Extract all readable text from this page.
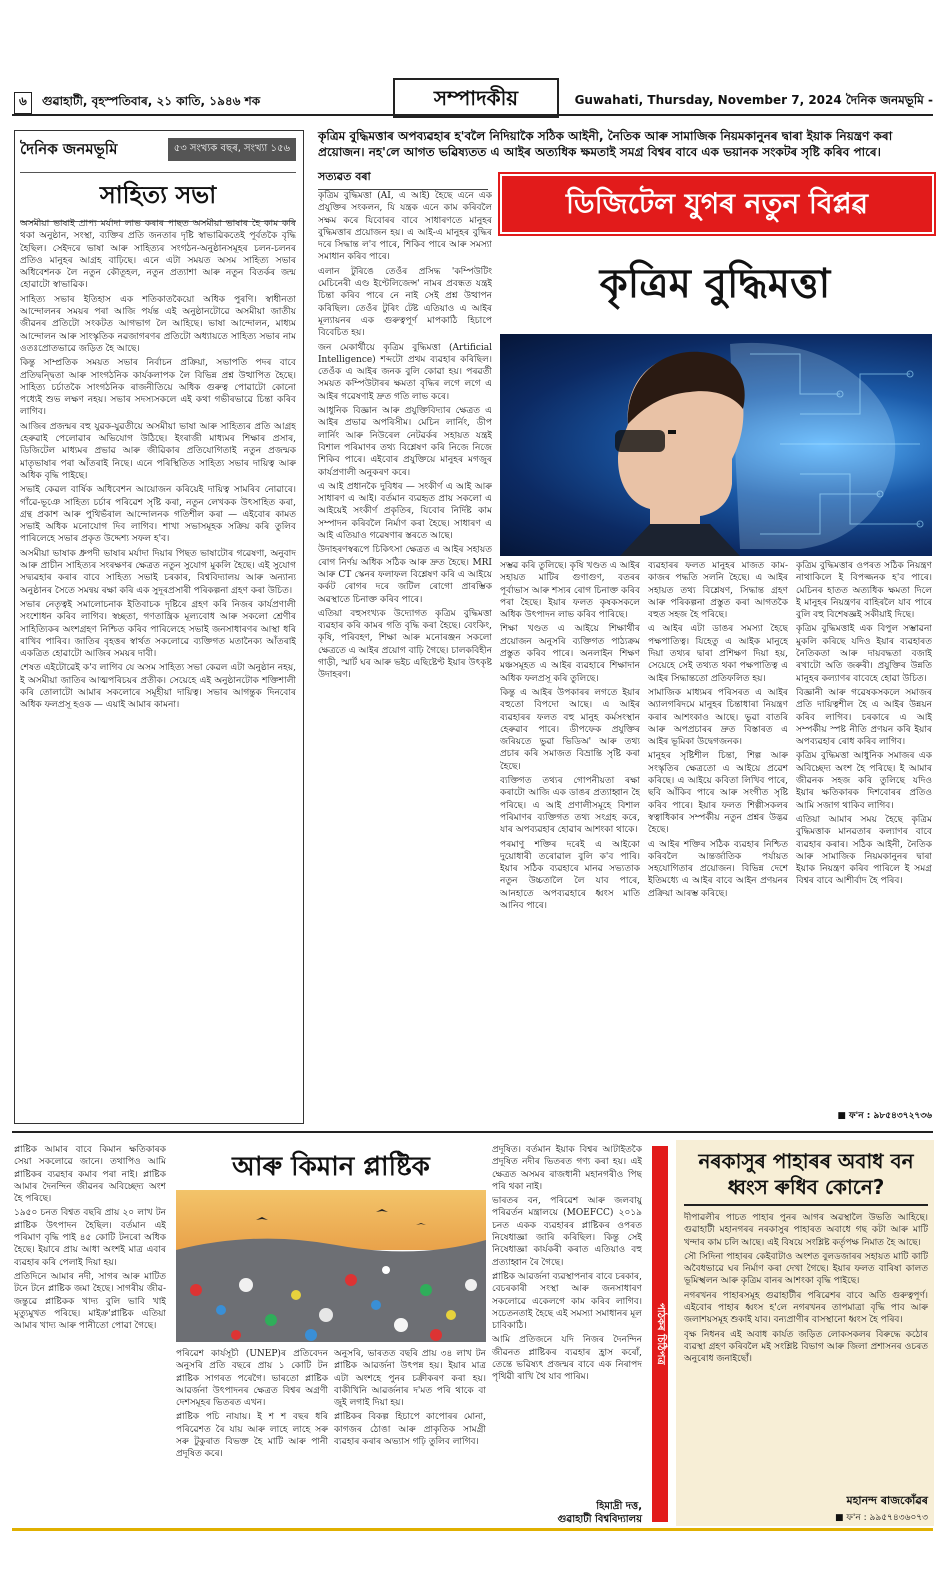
৬ গুৱাহাটী, বৃহস্পতিবাৰ, ২১ কাতি, ১৯৪৬ শক	সম্পাদকীয়	Guwahati, Thursday, November 7, 2024 দৈনিক জনমভূমি -
দৈনিক জনমভূমি	৫৩ সংখ্যক বছৰ, সংখ্যা ১৫৬
সাহিত্য সভা

অসমীয়া ভাষাই প্ৰাপ্য মৰ্যাদা লাভ কৰাৰ পাছত অসমীয়া ভাষাৰ হৈ কাম কৰি থকা অনুষ্ঠান, সংস্থা, ব্যক্তিৰ প্ৰতি জনতাৰ দৃষ্টি স্বাভাৱিকতেই পূৰ্বতকৈ বৃদ্ধি হৈছিল। সেইদৰে ভাষা আৰু সাহিত্যৰ সংগঠন-অনুষ্ঠানসমূহৰ চলন-চলনৰ প্ৰতিও মানুহৰ আগ্ৰহ বাঢ়িছে। এনে এটা সময়ত অসম সাহিত্য সভাৰ অধিবেশনক লৈ নতুন কৌতূহল, নতুন প্ৰত্যাশা আৰু নতুন বিতৰ্কৰ জন্ম হোৱাটো স্বাভাৱিক।

সাহিত্য সভাৰ ইতিহাস এক শতিকাতকৈয়ো অধিক পুৰণি। স্বাধীনতা আন্দোলনৰ সময়ৰ পৰা আজি পৰ্যন্ত এই অনুষ্ঠানটোৱে অসমীয়া জাতীয় জীৱনৰ প্ৰতিটো সংকটত আগভাগ লৈ আহিছে। ভাষা আন্দোলন, মাধ্যম আন্দোলন আৰু সাংস্কৃতিক নৱজাগৰণৰ প্ৰতিটো অধ্যায়তে সাহিত্য সভাৰ নাম ওতঃপ্ৰোতভাৱে জড়িত হৈ আছে।

কিন্তু সাম্প্ৰতিক সময়ত সভাৰ নিৰ্বাচন প্ৰক্ৰিয়া, সভাপতি পদৰ বাবে প্ৰতিদ্বন্দ্বিতা আৰু সাংগঠনিক কাৰ্যকলাপক লৈ বিভিন্ন প্ৰশ্ন উত্থাপিত হৈছে। সাহিত্য চৰ্চাতকৈ সাংগঠনিক ৰাজনীতিয়ে অধিক গুৰুত্ব পোৱাটো কোনো পধ্যেই শুভ লক্ষণ নহয়। সভাৰ সদস্যসকলে এই কথা গভীৰভাৱে চিন্তা কৰিব লাগিব।

আজিৰ প্ৰজন্মৰ বহু যুৱক-যুৱতীয়ে অসমীয়া ভাষা আৰু সাহিত্যৰ প্ৰতি আগ্ৰহ হেৰুৱাই পেলোৱাৰ অভিযোগ উঠিছে। ইংৰাজী মাধ্যমৰ শিক্ষাৰ প্ৰসাৰ, ডিজিটেল মাধ্যমৰ প্ৰভাৱ আৰু জীৱিকাৰ প্ৰতিযোগিতাই নতুন প্ৰজন্মক মাতৃভাষাৰ পৰা আঁতৰাই নিছে। এনে পৰিস্থিতিত সাহিত্য সভাৰ দায়িত্ব আৰু অধিক বৃদ্ধি পাইছে।

সভাই কেৱল বাৰ্ষিক অধিবেশন আয়োজন কৰিয়েই দায়িত্ব সামৰিব নোৱাৰে। গাঁৱে-ভূঞে সাহিত্য চৰ্চাৰ পৰিৱেশ সৃষ্টি কৰা, নতুন লেখকক উৎসাহিত কৰা, গ্ৰন্থ প্ৰকাশ আৰু পুথিভঁৰাল আন্দোলনক গতিশীল কৰা — এইবোৰ কামত সভাই অধিক মনোযোগ দিব লাগিব। শাখা সভাসমূহক সক্ৰিয় কৰি তুলিব পাৰিলেহে সভাৰ প্ৰকৃত উদ্দেশ্য সফল হ'ব।

অসমীয়া ভাষাক ধ্ৰুপদী ভাষাৰ মৰ্যাদা দিয়াৰ পিছত ভাষাটোৰ গৱেষণা, অনুবাদ আৰু প্ৰাচীন সাহিত্যৰ সংৰক্ষণৰ ক্ষেত্ৰত নতুন সুযোগ মুকলি হৈছে। এই সুযোগ সদ্ব্যৱহাৰ কৰাৰ বাবে সাহিত্য সভাই চৰকাৰ, বিশ্ববিদ্যালয় আৰু অন্যান্য অনুষ্ঠানৰ সৈতে সমন্বয় ৰক্ষা কৰি এক সুদূৰপ্ৰসাৰী পৰিকল্পনা গ্ৰহণ কৰা উচিত।

সভাৰ নেতৃত্বই সমালোচনাক ইতিবাচক দৃষ্টিৰে গ্ৰহণ কৰি নিজৰ কাৰ্যপ্ৰণালী সংশোধন কৰিব লাগিব। স্বচ্ছতা, গণতান্ত্ৰিক মূল্যবোধ আৰু সকলো শ্ৰেণীৰ সাহিত্যিকৰ অংশগ্ৰহণ নিশ্চিত কৰিব পাৰিলেহে সভাই জনসাধাৰণৰ আস্থা ধৰি ৰাখিব পাৰিব। জাতিৰ বৃহত্তৰ স্বাৰ্থত সকলোৱে ব্যক্তিগত মতানৈক্য আঁতৰাই একত্ৰিত হোৱাটো আজিৰ সময়ৰ দাবী।

শেষত এইটোৱেই ক'ব লাগিব যে অসম সাহিত্য সভা কেৱল এটা অনুষ্ঠান নহয়, ই অসমীয়া জাতিৰ আত্মপৰিচয়ৰ প্ৰতীক। সেয়েহে এই অনুষ্ঠানটোক শক্তিশালী কৰি তোলাটো আমাৰ সকলোৰে সমূহীয়া দায়িত্ব। সভাৰ আগন্তুক দিনবোৰ অধিক ফলপ্ৰসূ হওক — এয়াই আমাৰ কামনা।

কৃত্ৰিম বুদ্ধিমত্তাৰ অপব্যৱহাৰ হ'বলৈ নিদিয়াকৈ সঠিক আইনী, নৈতিক আৰু সামাজিক নিয়মকানুনৰ দ্বাৰা ইয়াক নিয়ন্ত্ৰণ কৰা প্ৰয়োজন। নহ'লে আগত ভৱিষ্যতত এ আইৰ অত্যধিক ক্ষমতাই সমগ্ৰ বিশ্বৰ বাবে এক ভয়ানক সংকটৰ সৃষ্টি কৰিব পাৰে।
সত্যৱত বৰা
ডিজিটেল যুগৰ নতুন বিপ্লৱ
কৃত্ৰিম বুদ্ধিমত্তা

কৃত্ৰিম বুদ্ধিমত্তা (AI, এ আই) হৈছে এনে এক প্ৰযুক্তিৰ সংকলন, যি যন্ত্ৰক এনে কাম কৰিবলৈ সক্ষম কৰে যিবোৰৰ বাবে সাধাৰণতে মানুহৰ বুদ্ধিমত্তাৰ প্ৰয়োজন হয়। এ আই-এ মানুহৰ বুদ্ধিৰ দৰে সিদ্ধান্ত ল'ব পাৰে, শিকিব পাৰে আৰু সমস্যা সমাধান কৰিব পাৰে।

এলান টুৰিঙে তেওঁৰ প্ৰসিদ্ধ 'কম্পিউটিং মেচিনেৰী এণ্ড ইণ্টেলিজেন্স' নামৰ প্ৰবন্ধত যন্ত্ৰই চিন্তা কৰিব পাৰে নে নাই সেই প্ৰশ্ন উত্থাপন কৰিছিল। তেওঁৰ টুৰিং টেষ্ট এতিয়াও এ আইৰ মূল্যায়নৰ এক গুৰুত্বপূৰ্ণ মাপকাঠি হিচাপে বিবেচিত হয়।

জন মেকাৰ্থীয়ে কৃত্ৰিম বুদ্ধিমত্তা (Artificial Intelligence) শব্দটো প্ৰথম ব্যৱহাৰ কৰিছিল। তেওঁক এ আইৰ জনক বুলি কোৱা হয়। পৰৱৰ্তী সময়ত কম্পিউটাৰৰ ক্ষমতা বৃদ্ধিৰ লগে লগে এ আইৰ গৱেষণাই দ্ৰুত গতি লাভ কৰে।

আধুনিক বিজ্ঞান আৰু প্ৰযুক্তিবিদ্যাৰ ক্ষেত্ৰত এ আইৰ প্ৰভাৱ অপৰিসীম। মেচিন লাৰ্নিং, ডীপ লাৰ্নিং আৰু নিউৰেল নেটৱৰ্কৰ সহায়ত যন্ত্ৰই বিশাল পৰিমাণৰ তথ্য বিশ্লেষণ কৰি নিজে নিজে শিকিব পাৰে। এইবোৰ প্ৰযুক্তিয়ে মানুহৰ মগজুৰ কাৰ্যপ্ৰণালী অনুকৰণ কৰে।

এ আই প্ৰধানকৈ দুবিধৰ — সংকীৰ্ণ এ আই আৰু সাধাৰণ এ আই। বৰ্তমান ব্যৱহৃত প্ৰায় সকলো এ আইয়েই সংকীৰ্ণ প্ৰকৃতিৰ, যিবোৰ নিৰ্দিষ্ট কাম সম্পাদন কৰিবলৈ নিৰ্মাণ কৰা হৈছে। সাধাৰণ এ আই এতিয়াও গৱেষণাৰ স্তৰতে আছে।

উদাহৰণস্বৰূপে চিকিৎসা ক্ষেত্ৰত এ আইৰ সহায়ত ৰোগ নিৰ্ণয় অধিক সঠিক আৰু দ্ৰুত হৈছে। MRI আৰু CT স্কেনৰ ফলাফল বিশ্লেষণ কৰি এ আইয়ে কৰ্কট ৰোগৰ দৰে জটিল ৰোগো প্ৰাৰম্ভিক অৱস্থাতে চিনাক্ত কৰিব পাৰে।

এতিয়া বহুসংখ্যক উদ্যোগত কৃত্ৰিম বুদ্ধিমত্তা ব্যৱহাৰ কৰি কামৰ গতি বৃদ্ধি কৰা হৈছে। বেংকিং, কৃষি, পৰিবহণ, শিক্ষা আৰু মনোৰঞ্জন সকলো ক্ষেত্ৰতে এ আইৰ প্ৰয়োগ বাঢ়ি গৈছে। চালকবিহীন গাড়ী, স্মাৰ্ট ঘৰ আৰু ভইচ এছিষ্টেণ্ট ইয়াৰ উৎকৃষ্ট উদাহৰণ।

সম্ভৱ কৰি তুলিছে। কৃষি খণ্ডত এ আইৰ সহায়ত মাটিৰ গুণাগুণ, বতৰৰ পূৰ্বাভাস আৰু শস্যৰ ৰোগ চিনাক্ত কৰিব পৰা হৈছে। ইয়াৰ ফলত কৃষকসকলে অধিক উৎপাদন লাভ কৰিব পাৰিছে।

শিক্ষা খণ্ডত এ আইয়ে শিক্ষাৰ্থীৰ প্ৰয়োজন অনুসৰি ব্যক্তিগত পাঠ্যক্ৰম প্ৰস্তুত কৰিব পাৰে। অনলাইন শিক্ষণ মঞ্চসমূহত এ আইৰ ব্যৱহাৰে শিক্ষাদান অধিক ফলপ্ৰসূ কৰি তুলিছে।

কিন্তু এ আইৰ উপকাৰৰ লগতে ইয়াৰ বহুতো বিপদো আছে। এ আইৰ ব্যৱহাৰৰ ফলত বহু মানুহ কৰ্মসংস্থান হেৰুৱাব পাৰে। ডীপফেক প্ৰযুক্তিৰ জৰিয়তে ভুৱা ভিডিঅ' আৰু তথ্য প্ৰচাৰ কৰি সমাজত বিভ্ৰান্তি সৃষ্টি কৰা হৈছে।

ব্যক্তিগত তথ্যৰ গোপনীয়তা ৰক্ষা কৰাটো আজি এক ডাঙৰ প্ৰত্যাহ্বান হৈ পৰিছে। এ আই প্ৰণালীসমূহে বিশাল পৰিমাণৰ ব্যক্তিগত তথ্য সংগ্ৰহ কৰে, যাৰ অপব্যৱহাৰ হোৱাৰ আশংকা থাকে।

পৰমাণু শক্তিৰ দৰেই এ আইকো দুয়োধাৰী তৰোৱাল বুলি ক'ব পাৰি। ইয়াৰ সঠিক ব্যৱহাৰে মানৱ সভ্যতাক নতুন উচ্চতালৈ লৈ যাব পাৰে, আনহাতে অপব্যৱহাৰে ধ্বংস মাতি আনিব পাৰে।

ব্যৱহাৰৰ ফলত মানুহৰ মাজত কাম-কাজৰ পদ্ধতি সলনি হৈছে। এ আইৰ সহায়ত তথ্য বিশ্লেষণ, সিদ্ধান্ত গ্ৰহণ আৰু পৰিকল্পনা প্ৰস্তুত কৰা আগতকৈ বহুত সহজ হৈ পৰিছে।

এ আইৰ এটা ডাঙৰ সমস্যা হৈছে পক্ষপাতিত্ব। যিহেতু এ আইক মানুহে দিয়া তথ্যৰ দ্বাৰা প্ৰশিক্ষণ দিয়া হয়, সেয়েহে সেই তথ্যত থকা পক্ষপাতিত্ব এ আইৰ সিদ্ধান্ততো প্ৰতিফলিত হয়।

সামাজিক মাধ্যমৰ পৰিসৰত এ আইৰ অ্যালগৰিদমে মানুহৰ চিন্তাধাৰা নিয়ন্ত্ৰণ কৰাৰ আশংকাও আছে। ভুৱা বাতৰি আৰু অপপ্ৰচাৰৰ দ্ৰুত বিস্তাৰত এ আইৰ ভূমিকা উদ্বেগজনক।

মানুহৰ সৃষ্টিশীল চিন্তা, শিল্প আৰু সংস্কৃতিৰ ক্ষেত্ৰতো এ আইয়ে প্ৰৱেশ কৰিছে। এ আইয়ে কবিতা লিখিব পাৰে, ছবি আঁকিব পাৰে আৰু সংগীত সৃষ্টি কৰিব পাৰে। ইয়াৰ ফলত শিল্পীসকলৰ স্বত্বাধিকাৰ সম্পৰ্কীয় নতুন প্ৰশ্নৰ উদ্ভৱ হৈছে।

এ আইৰ শক্তিৰ সঠিক ব্যৱহাৰ নিশ্চিত কৰিবলৈ আন্তৰ্জাতিক পৰ্যায়ত সহযোগিতাৰ প্ৰয়োজন। বিভিন্ন দেশে ইতিমধ্যে এ আইৰ বাবে আইন প্ৰণয়নৰ প্ৰক্ৰিয়া আৰম্ভ কৰিছে।

কৃত্ৰিম বুদ্ধিমত্তাৰ ওপৰত সঠিক নিয়ন্ত্ৰণ নাথাকিলে ই বিপজ্জনক হ'ব পাৰে। মেচিনৰ হাতত অত্যধিক ক্ষমতা দিলে ই মানুহৰ নিয়ন্ত্ৰণৰ বাহিৰলৈ যাব পাৰে বুলি বহু বিশেষজ্ঞই সকীয়াই দিছে।

কৃত্ৰিম বুদ্ধিমত্তাই এক বিপুল সম্ভাৱনা মুকলি কৰিছে যদিও ইয়াৰ ব্যৱহাৰত নৈতিকতা আৰু দায়বদ্ধতা বজাই ৰখাটো অতি জৰুৰী। প্ৰযুক্তিৰ উন্নতি মানুহৰ কল্যাণৰ বাবেহে হোৱা উচিত।

বিজ্ঞানী আৰু গৱেষকসকলে সমাজৰ প্ৰতি দায়িত্বশীল হৈ এ আইৰ উন্নয়ন কৰিব লাগিব। চৰকাৰে এ আই সম্পৰ্কীয় স্পষ্ট নীতি প্ৰণয়ন কৰি ইয়াৰ অপব্যৱহাৰ ৰোধ কৰিব লাগিব।

কৃত্ৰিম বুদ্ধিমত্তা আধুনিক সমাজৰ এক অবিচ্ছেদ্য অংশ হৈ পৰিছে। ই আমাৰ জীৱনক সহজ কৰি তুলিছে যদিও ইয়াৰ ক্ষতিকাৰক দিশবোৰৰ প্ৰতিও আমি সজাগ থাকিব লাগিব।

এতিয়া আমাৰ সময় হৈছে কৃত্ৰিম বুদ্ধিমত্তাক মানৱতাৰ কল্যাণৰ বাবে ব্যৱহাৰ কৰাৰ। সঠিক আইনী, নৈতিক আৰু সামাজিক নিয়মকানুনৰ দ্বাৰা ইয়াক নিয়ন্ত্ৰণ কৰিব পাৰিলে ই সমগ্ৰ বিশ্বৰ বাবে আশীৰ্বাদ হৈ পৰিব।

■ ফ'ন : ৯৮৫৪৩৭২৭৩৬

প্লাষ্টিক আমাৰ বাবে কিমান ক্ষতিকাৰক সেয়া সকলোৱে জানে। তথাপিও আমি প্লাষ্টিকৰ ব্যৱহাৰ কমাব পৰা নাই। প্লাষ্টিক আমাৰ দৈনন্দিন জীৱনৰ অবিচ্ছেদ্য অংশ হৈ পৰিছে।

১৯৫০ চনত বিশ্বত বছৰি প্ৰায় ২০ লাখ টন প্লাষ্টিক উৎপাদন হৈছিল। বৰ্তমান এই পৰিমাণ বৃদ্ধি পাই ৪৫ কোটি টনৰো অধিক হৈছে। ইয়াৰে প্ৰায় আধা অংশই মাত্ৰ এবাৰ ব্যৱহাৰ কৰি পেলাই দিয়া হয়।

প্ৰতিদিনে আমাৰ নদী, সাগৰ আৰু মাটিত টনে টনে প্লাষ্টিক জমা হৈছে। সাগৰীয় জীৱ-জন্তুৱে প্লাষ্টিকক খাদ্য বুলি ভাবি খাই মৃত্যুমুখত পৰিছে। মাইক্ৰ'প্লাষ্টিক এতিয়া আমাৰ খাদ্য আৰু পানীতো পোৱা গৈছে।

আৰু কিমান প্লাষ্টিক

পৰিৱেশ কাৰ্যসূচী (UNEP)ৰ প্ৰতিবেদন অনুসৰি প্ৰতি বছৰে প্ৰায় ১ কোটি টন প্লাষ্টিক সাগৰত পৰেগৈ। ভাৰতো প্লাষ্টিক আৱৰ্জনা উৎপাদনৰ ক্ষেত্ৰত বিশ্বৰ অগ্ৰণী দেশসমূহৰ ভিতৰত এখন।

প্লাষ্টিক পচি নাযায়। ই শ শ বছৰ ধৰি পৰিৱেশত ৰৈ যায় আৰু লাহে লাহে সৰু সৰু টুকুৰাত বিভক্ত হৈ মাটি আৰু পানী প্ৰদূষিত কৰে।

অনুসৰি, ভাৰতত বছৰি প্ৰায় ৩৪ লাখ টন প্লাষ্টিক আৱৰ্জনা উৎপন্ন হয়। ইয়াৰ মাত্ৰ এটা অংশহে পুনৰ চক্ৰীকৰণ কৰা হয়। বাকীখিনি আৱৰ্জনাৰ দ'মত পৰি থাকে বা জুই লগাই দিয়া হয়।

প্লাষ্টিকৰ বিকল্প হিচাপে কাপোৰৰ মোনা, কাগজৰ ঠোঙা আৰু প্ৰাকৃতিক সামগ্ৰী ব্যৱহাৰ কৰাৰ অভ্যাস গঢ়ি তুলিব লাগিব।

প্ৰদূষিত। বৰ্তমান ইয়াক বিশ্বৰ আটাইতকৈ প্ৰদূষিত নদীৰ ভিতৰত গণ্য কৰা হয়। এই ক্ষেত্ৰত অসমৰ ৰাজধানী মহানগৰীও পিছ পৰি থকা নাই।

ভাৰতৰ বন, পৰিৱেশ আৰু জলবায়ু পৰিৱৰ্তন মন্ত্ৰালয়ে (MOEFCC) ২০১৯ চনত একক ব্যৱহাৰৰ প্লাষ্টিকৰ ওপৰত নিষেধাজ্ঞা জাৰি কৰিছিল। কিন্তু সেই নিষেধাজ্ঞা কাৰ্যকৰী কৰাত এতিয়াও বহু প্ৰত্যাহ্বান ৰৈ গৈছে।

প্লাষ্টিক আৱৰ্জনা ব্যৱস্থাপনাৰ বাবে চৰকাৰ, বেচৰকাৰী সংস্থা আৰু জনসাধাৰণ সকলোৱে একেলগে কাম কৰিব লাগিব। সচেতনতাই হৈছে এই সমস্যা সমাধানৰ মূল চাবিকাঠি।

আমি প্ৰতিজনে যদি নিজৰ দৈনন্দিন জীৱনত প্লাষ্টিকৰ ব্যৱহাৰ হ্ৰাস কৰোঁ, তেন্তে ভৱিষ্যৎ প্ৰজন্মৰ বাবে এক নিৰাপদ পৃথিৱী ৰাখি থৈ যাব পাৰিম।

হিমাদ্ৰী দত্ত,
গুৱাহাটী বিশ্ববিদ্যালয়
পাঠকৰ চিঠিপত্ৰ
নৰকাসুৰ পাহাৰৰ অবাধ বন ধ্বংস ৰুধিব কোনে?

দীপাৱলীৰ পাচত পাহাৰ পুনৰ আগৰ অৱস্থালৈ উভতি আহিছে। গুৱাহাটী মহানগৰৰ নৰকাসুৰ পাহাৰত অবাধে গছ কটা আৰু মাটি খন্দাৰ কাম চলি আছে। এই বিষয়ে সংশ্লিষ্ট কৰ্তৃপক্ষ নিমাত হৈ আছে।

সৌ সিদিনা পাহাৰৰ কেইবাটাও অংশত বুলডজাৰৰ সহায়ত মাটি কাটি অবৈধভাৱে ঘৰ নিৰ্মাণ কৰা দেখা গৈছে। ইয়াৰ ফলত বাৰিষা কালত ভূমিস্খলন আৰু কৃত্ৰিম বানৰ আশংকা বৃদ্ধি পাইছে।

নগৰখনৰ পাহাৰসমূহ গুৱাহাটীৰ পৰিৱেশৰ বাবে অতি গুৰুত্বপূৰ্ণ। এইবোৰ পাহাৰ ধ্বংস হ'লে নগৰখনৰ তাপমাত্ৰা বৃদ্ধি পাব আৰু জলাশয়সমূহ শুকাই যাব। বন্যপ্ৰাণীৰ বাসস্থানো ধ্বংস হৈ পৰিব।

বৃক্ষ নিধনৰ এই অবাধ কাৰ্যত জড়িত লোকসকলৰ বিৰুদ্ধে কঠোৰ ব্যৱস্থা গ্ৰহণ কৰিবলৈ মই সংশ্লিষ্ট বিভাগ আৰু জিলা প্ৰশাসনৰ ওচৰত অনুৰোধ জনাইছোঁ।

মহানন্দ ৰাজকোঁৱৰ
■ ফ'ন : ৯৯৫৭৪৩৬০৭৩
